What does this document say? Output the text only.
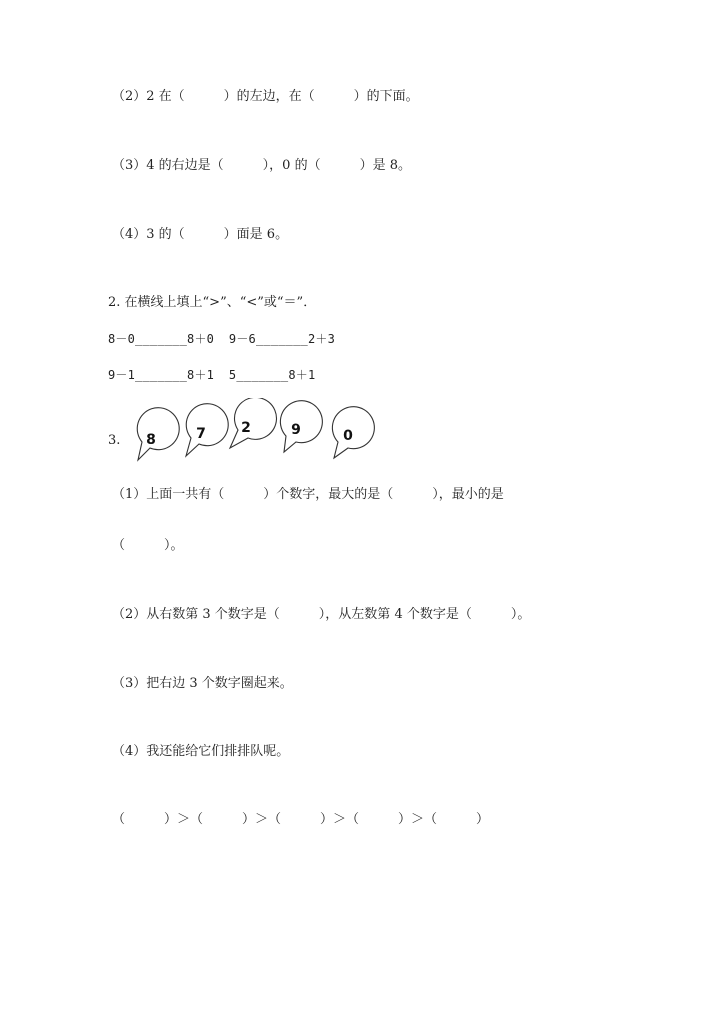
（2）2 在（　　　）的左边，在（　　　）的下面。
（3）4 的右边是（　　　），0 的（　　　）是 8。
（4）3 的（　　　）面是 6。
2. 在横线上填上“>”、“<”或“＝”．
8－0_______8＋0  9－6_______2＋3
9－1_______8＋1  5_______8＋1
3. 8	7	2	9	0
（1）上面一共有（　　　）个数字，最大的是（　　　），最小的是
（　　　）。
（2）从右数第 3 个数字是（　　　），从左数第 4 个数字是（　　　）。
（3）把右边 3 个数字圈起来。
（4）我还能给它们排排队呢。
（　　　）＞（　　　）＞（　　　）＞（　　　）＞（　　　）
